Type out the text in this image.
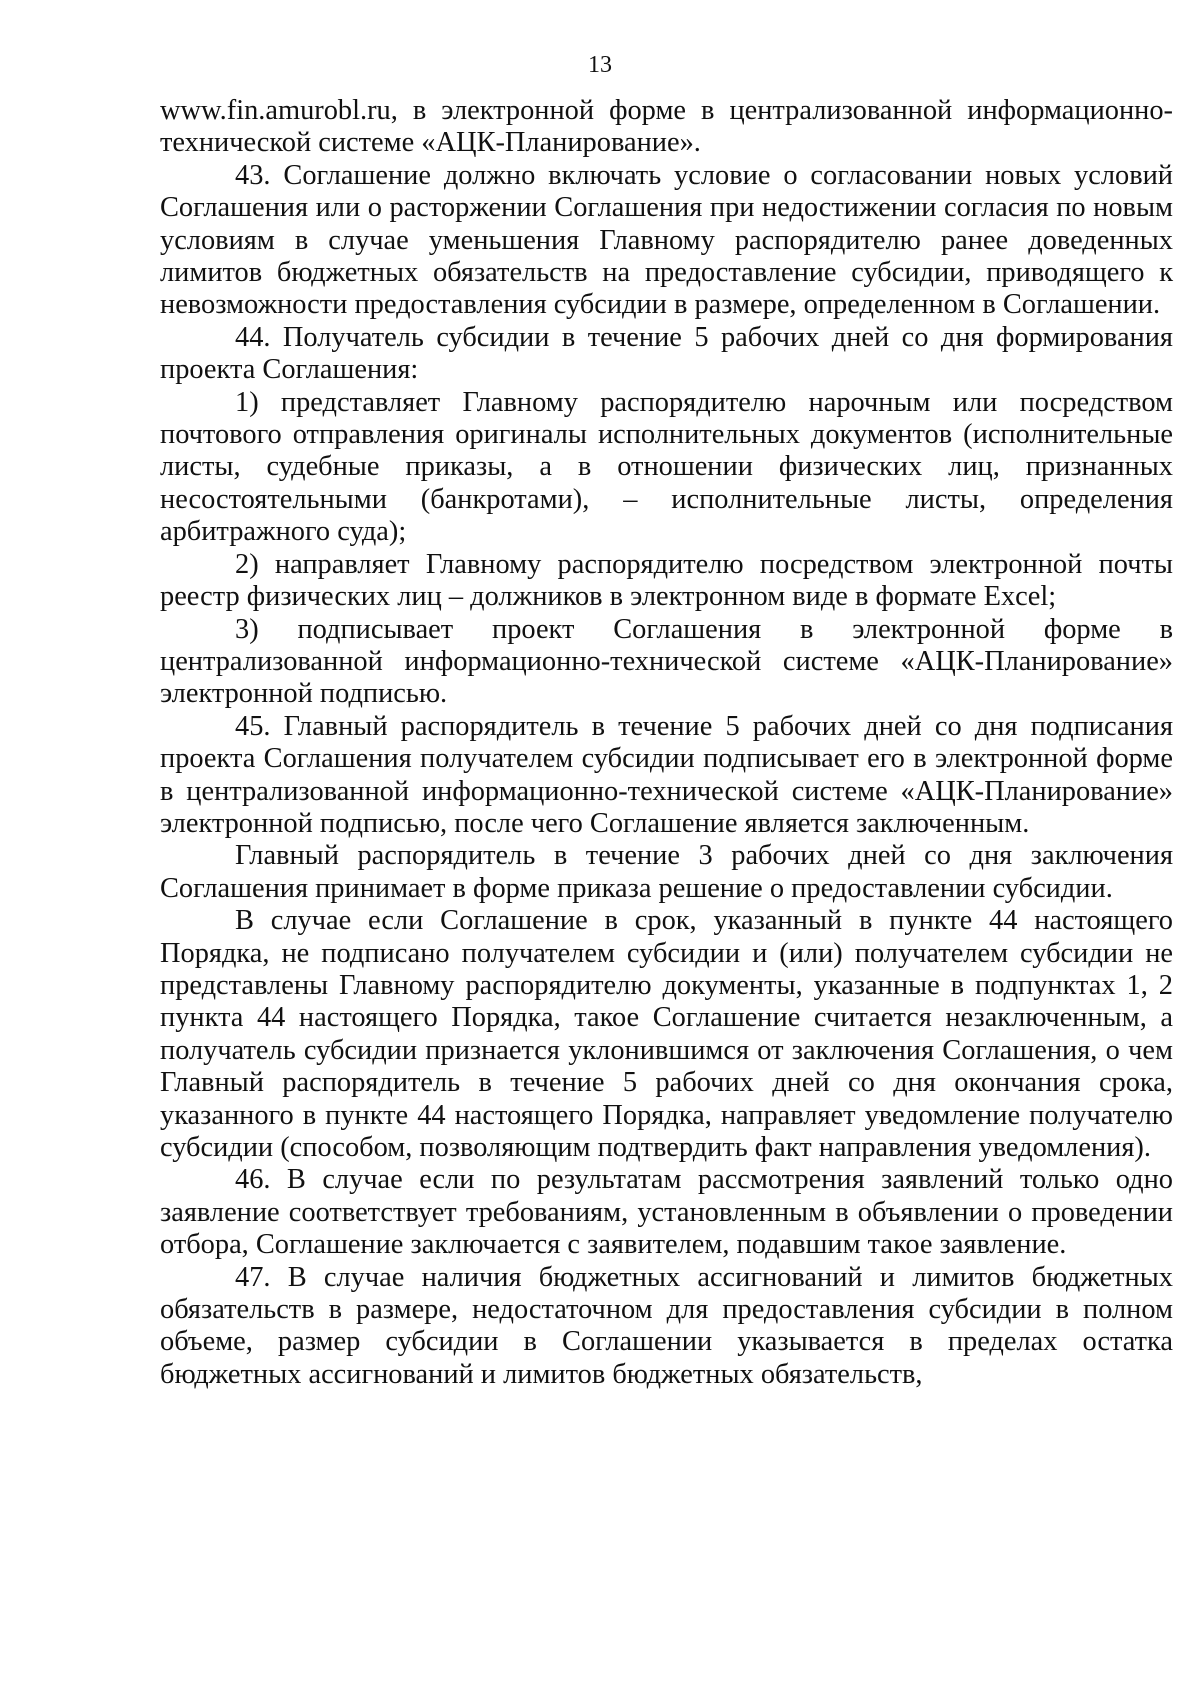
13

www.fin.amurobl.ru, в электронной форме в централизованной информационно-технической системе «АЦК-Планирование».

43. Соглашение должно включать условие о согласовании новых условий Соглашения или о расторжении Соглашения при недостижении согласия по новым условиям в случае уменьшения Главному распорядителю ранее доведенных лимитов бюджетных обязательств на предоставление субсидии, приводящего к невозможности предоставления субсидии в размере, определенном в Соглашении.

44. Получатель субсидии в течение 5 рабочих дней со дня формирования проекта Соглашения:

1) представляет Главному распорядителю нарочным или посредством почтового отправления оригиналы исполнительных документов (исполнительные листы, судебные приказы, а в отношении физических лиц, признанных несостоятельными (банкротами), – исполнительные листы, определения арбитражного суда);

2) направляет Главному распорядителю посредством электронной почты реестр физических лиц – должников в электронном виде в формате Excel;

3) подписывает проект Соглашения в электронной форме в централизованной информационно-технической системе «АЦК-Планирование» электронной подписью.

45. Главный распорядитель в течение 5 рабочих дней со дня подписания проекта Соглашения получателем субсидии подписывает его в электронной форме в централизованной информационно-технической системе «АЦК-Планирование» электронной подписью, после чего Соглашение является заключенным.

Главный распорядитель в течение 3 рабочих дней со дня заключения Соглашения принимает в форме приказа решение о предоставлении субсидии.

В случае если Соглашение в срок, указанный в пункте 44 настоящего Порядка, не подписано получателем субсидии и (или) получателем субсидии не представлены Главному распорядителю документы, указанные в подпунктах 1, 2 пункта 44 настоящего Порядка, такое Соглашение считается незаключенным, а получатель субсидии признается уклонившимся от заключения Соглашения, о чем Главный распорядитель в течение 5 рабочих дней со дня окончания срока, указанного в пункте 44 настоящего Порядка, направляет уведомление получателю субсидии (способом, позволяющим подтвердить факт направления уведомления).

46. В случае если по результатам рассмотрения заявлений только одно заявление соответствует требованиям, установленным в объявлении о проведении отбора, Соглашение заключается с заявителем, подавшим такое заявление.

47. В случае наличия бюджетных ассигнований и лимитов бюджетных обязательств в размере, недостаточном для предоставления субсидии в полном объеме, размер субсидии в Соглашении указывается в пределах остатка бюджетных ассигнований и лимитов бюджетных обязательств,
